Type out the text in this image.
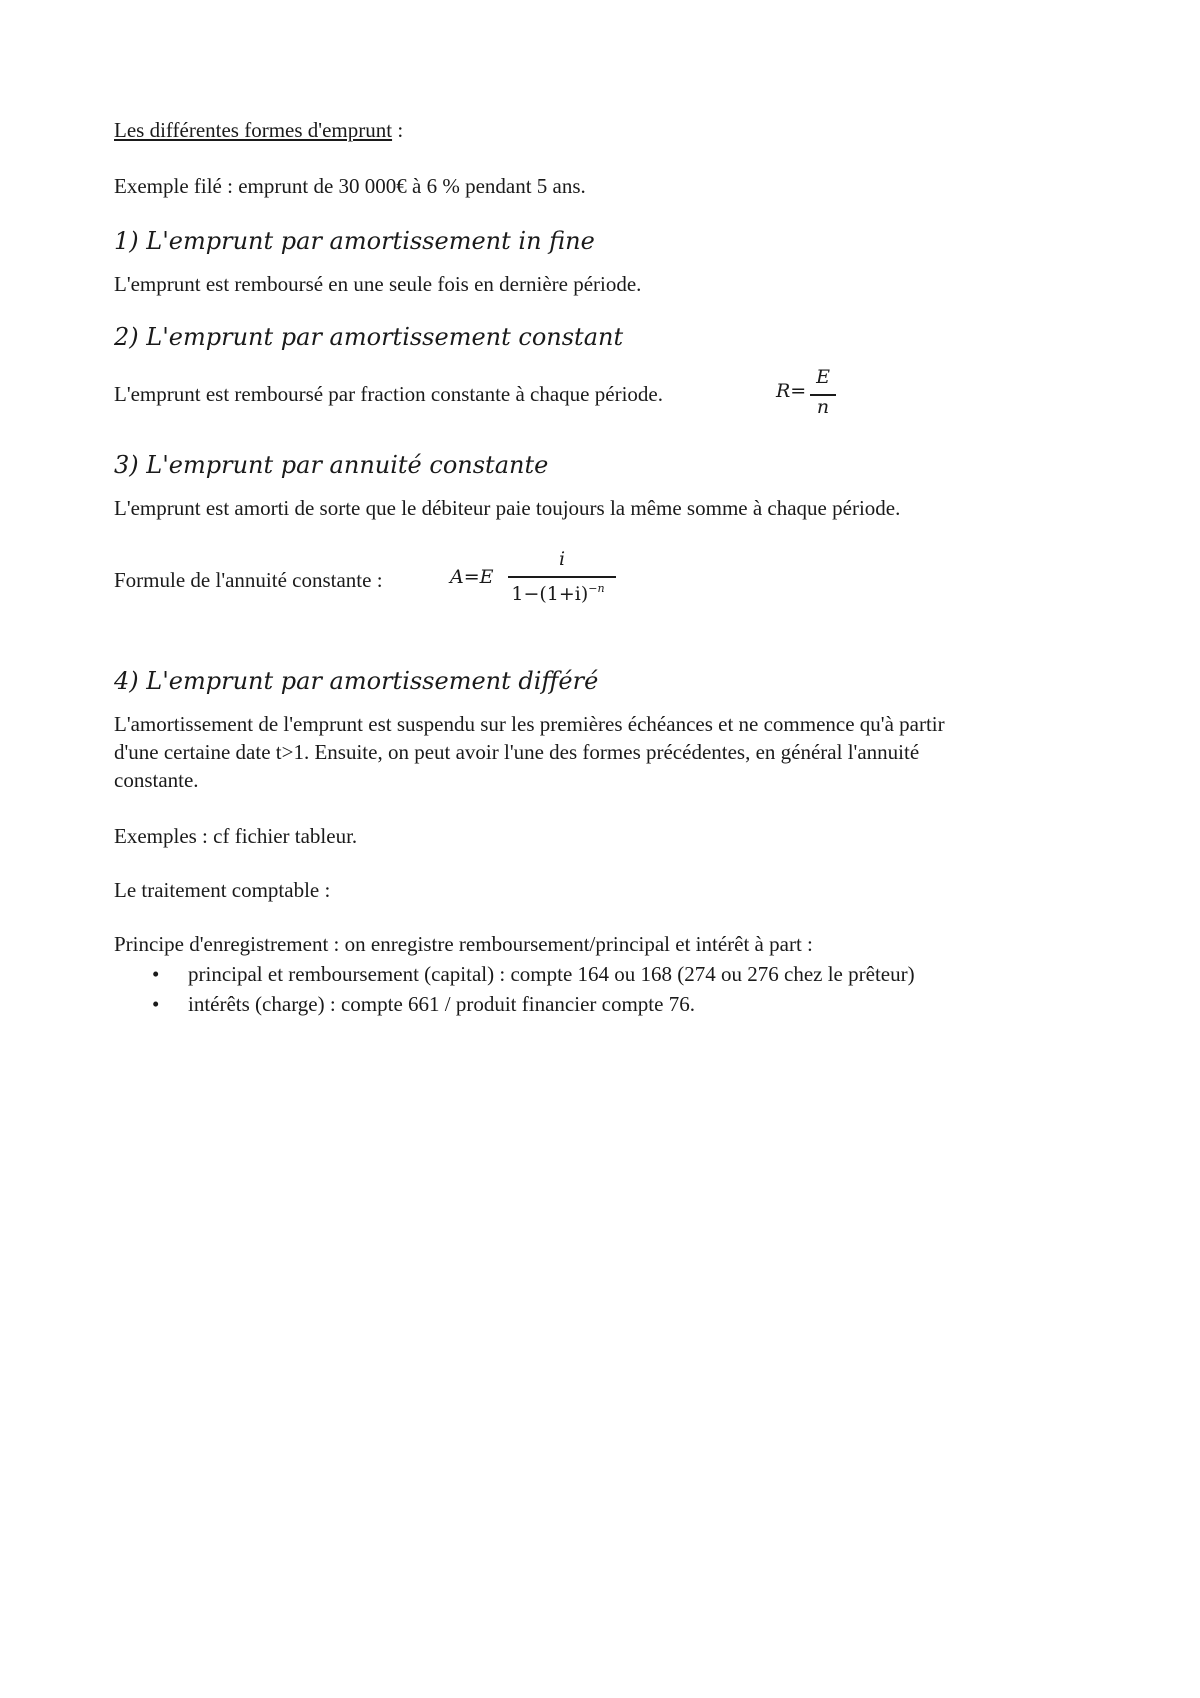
Les différentes formes d'emprunt :
Exemple filé : emprunt de 30 000€ à 6 % pendant 5 ans.
1) L'emprunt par amortissement in fine
L'emprunt est remboursé en une seule fois en dernière période.
2) L'emprunt par amortissement constant
L'emprunt est remboursé par fraction constante à chaque période.	R=
E
n
3) L'emprunt par annuité constante
L'emprunt est amorti de sorte que le débiteur paie toujours la même somme à chaque période.
Formule de l'annuité constante :	A=E
i
$1-(1+i)^{-n}$
4) L'emprunt par amortissement différé
L'amortissement de l'emprunt est suspendu sur les premières échéances et ne commence qu'à partir
d'une certaine date t>1. Ensuite, on peut avoir l'une des formes précédentes, en général l'annuité
constante.
Exemples : cf fichier tableur.
Le traitement comptable :
Principe d'enregistrement : on enregistre remboursement/principal et intérêt à part :
• principal et remboursement (capital) : compte 164 ou 168 (274 ou 276 chez le prêteur)
• intérêts (charge) : compte 661 / produit financier compte 76.
